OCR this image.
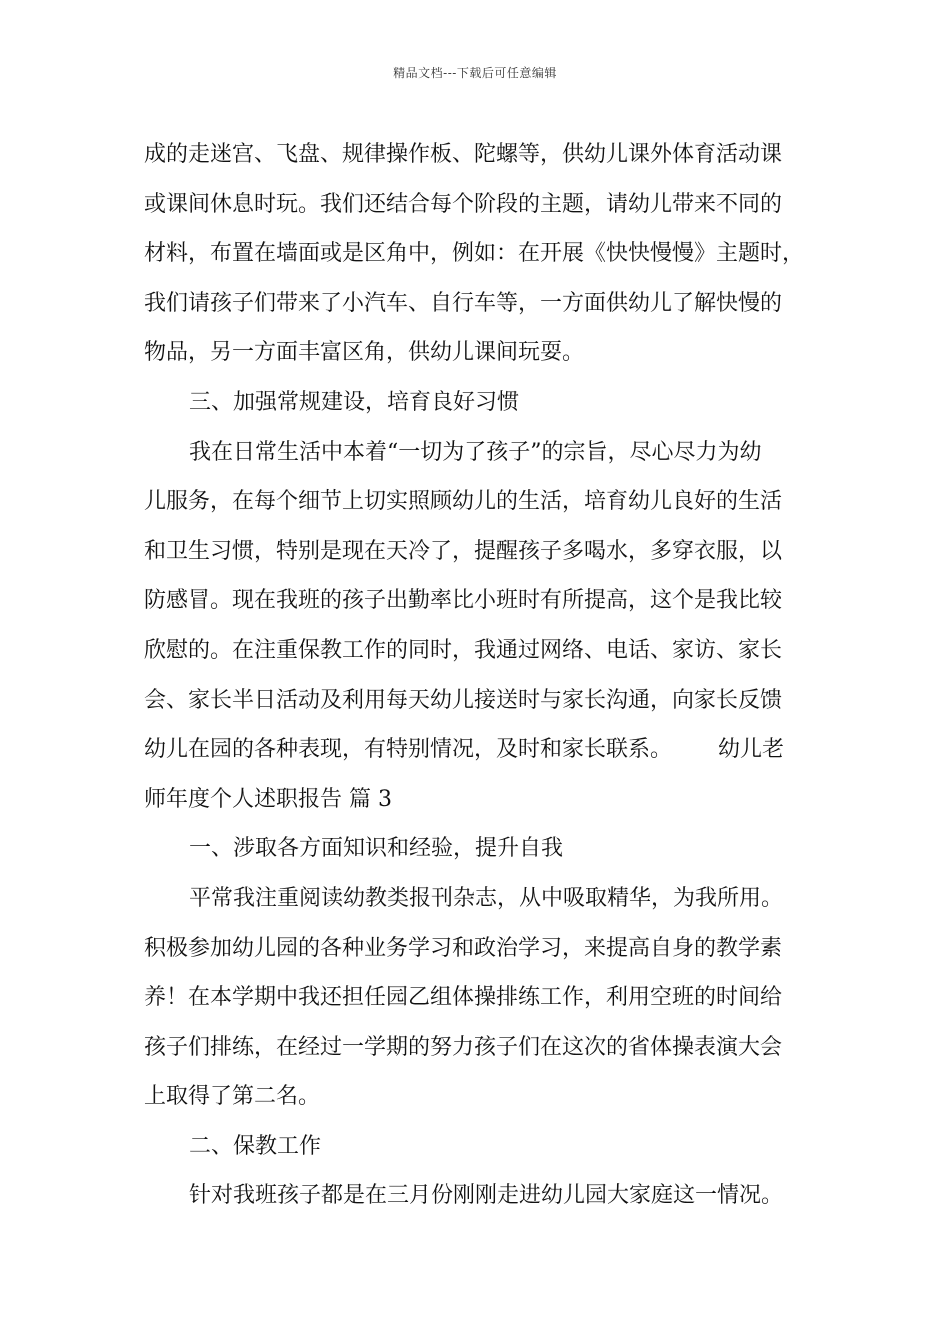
精品文档---下载后可任意编辑
成的走迷宫、飞盘、规律操作板、陀螺等，供幼儿课外体育活动课
或课间休息时玩。我们还结合每个阶段的主题，请幼儿带来不同的
材料，布置在墙面或是区角中，例如：在开展《快快慢慢》主题时，
我们请孩子们带来了小汽车、自行车等，一方面供幼儿了解快慢的
物品，另一方面丰富区角，供幼儿课间玩耍。
三、加强常规建设，培育良好习惯
我在日常生活中本着“一切为了孩子”的宗旨，尽心尽力为幼
儿服务，在每个细节上切实照顾幼儿的生活，培育幼儿良好的生活
和卫生习惯，特别是现在天冷了，提醒孩子多喝水，多穿衣服，以
防感冒。现在我班的孩子出勤率比小班时有所提高，这个是我比较
欣慰的。在注重保教工作的同时，我通过网络、电话、家访、家长
会、家长半日活动及利用每天幼儿接送时与家长沟通，向家长反馈
幼儿在园的各种表现，有特别情况，及时和家长联系。 幼儿老
师年度个人述职报告 篇 3
一、涉取各方面知识和经验，提升自我
平常我注重阅读幼教类报刊杂志，从中吸取精华，为我所用。
积极参加幼儿园的各种业务学习和政治学习，来提高自身的教学素
养！在本学期中我还担任园乙组体操排练工作，利用空班的时间给
孩子们排练，在经过一学期的努力孩子们在这次的省体操表演大会
上取得了第二名。
二、保教工作
针对我班孩子都是在三月份刚刚走进幼儿园大家庭这一情况。
